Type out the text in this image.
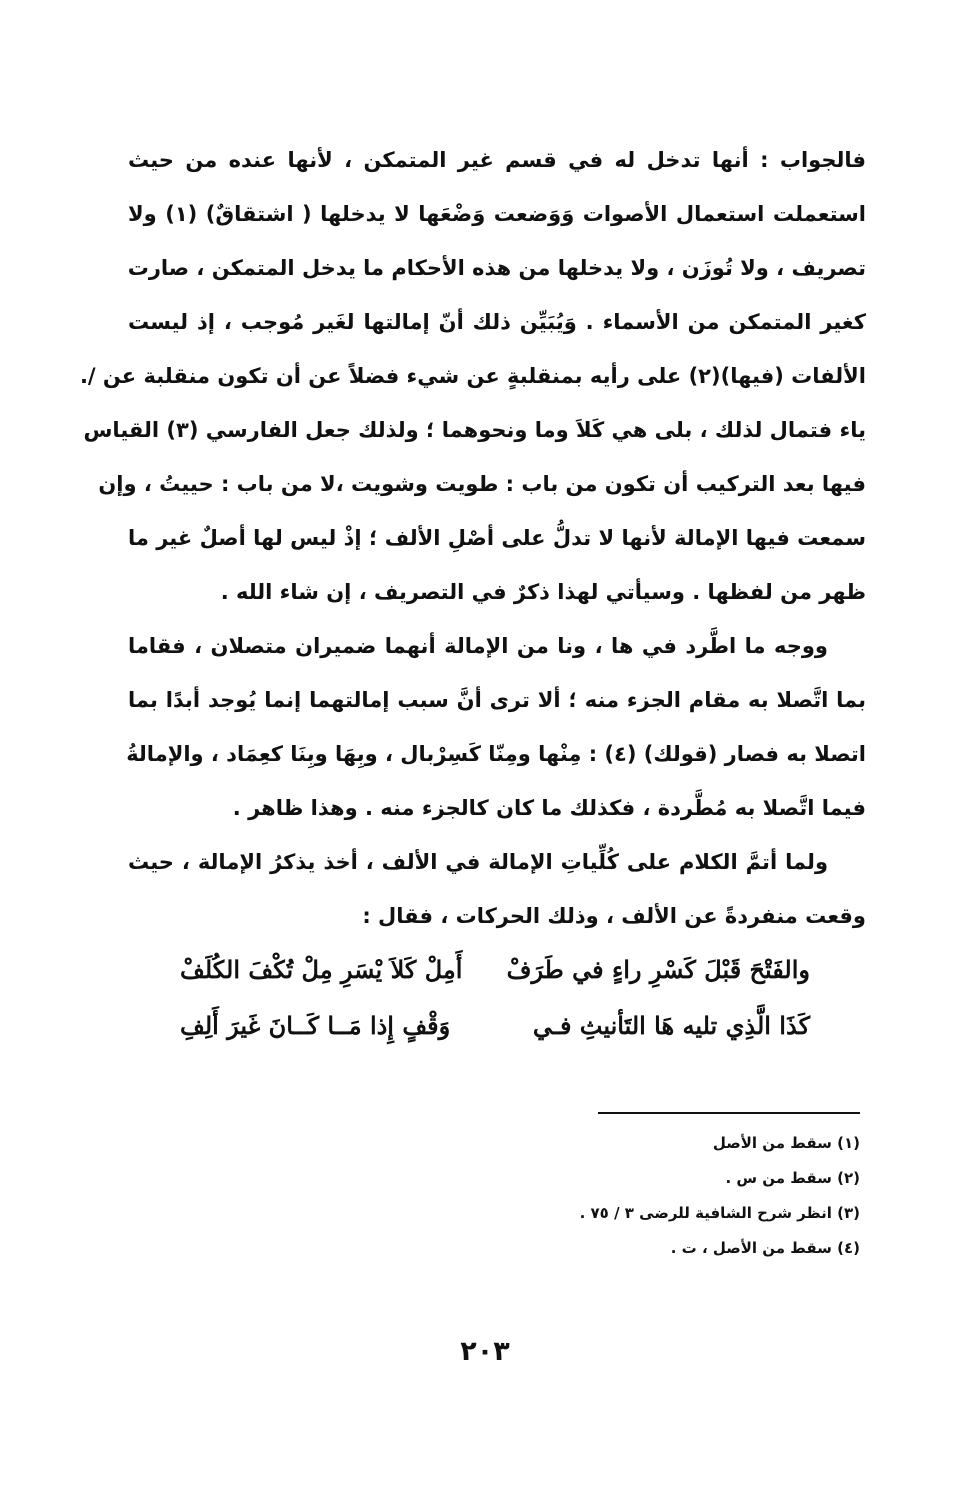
فالجواب : أنها تدخل له في قسم غير المتمكن ، لأنها عنده من حيث
استعملت استعمال الأصوات وَوَضعت وَضْعَها لا يدخلها ( اشتقاقٌ) (١) ولا
تصريف ، ولا تُوزَن ، ولا يدخلها من هذه الأحكام ما يدخل المتمكن ، صارت
كغير المتمكن من الأسماء . وَيُبَيِّن ذلك أنّ إمالتها لغَير مُوجب ، إذ ليست
الألفات (فيها)(٢) على رأيه بمنقلبةٍ عن شيء فضلاً عن أن تكون منقلبة عن /.
ياء فتمال لذلك ، بلى هي كَلاَ وما ونحوهما ؛ ولذلك جعل الفارسي (٣) القياس
فيها بعد التركيب أن تكون من باب : طويت وشويت ،لا من باب : حييتُ ، وإن
سمعت فيها الإمالة لأنها لا تدلُّ على أصْلِ الألف ؛ إذْ ليس لها أصلٌ غير ما
ظهر من لفظها . وسيأتي لهذا ذكرٌ في التصريف ، إن شاء الله .
ووجه ما اطَّرد في ها ، ونا من الإمالة أنهما ضميران متصلان ، فقاما
بما اتَّصلا به مقام الجزء منه ؛ ألا ترى أنَّ سبب إمالتهما إنما يُوجد أبدًا بما
اتصلا به فصار (قولك) (٤) : مِنْها ومِنّا كَسِرْبال ، وبِهَا وبِنَا كعِمَاد ، والإمالةُ
فيما اتَّصلا به مُطَّردة ، فكذلك ما كان كالجزء منه . وهذا ظاهر .
ولما أتمَّ الكلام على كُلِّياتِ الإمالة في الألف ، أخذ يذكرُ الإمالة ، حيث
وقعت منفردةً عن الألف ، وذلك الحركات ، فقال :
والفَتْحَ قَبْلَ كَسْرِ راءٍ في طَرَفْ
أَمِلْ كَلاَ يْسَرِ مِلْ تُكْفَ الكُلَفْ
كَذَا الَّذِي تليه هَا التَأنيثِ فـي
وَقْفٍ إِذا مَــا كَــانَ غَيرَ أَلِفِ
(١) سقط من الأصل
(٢) سقط من س .
(٣) انظر شرح الشافية للرضى ٣ / ٧٥ .
(٤) سقط من الأصل ، ت .
٢٠٣
